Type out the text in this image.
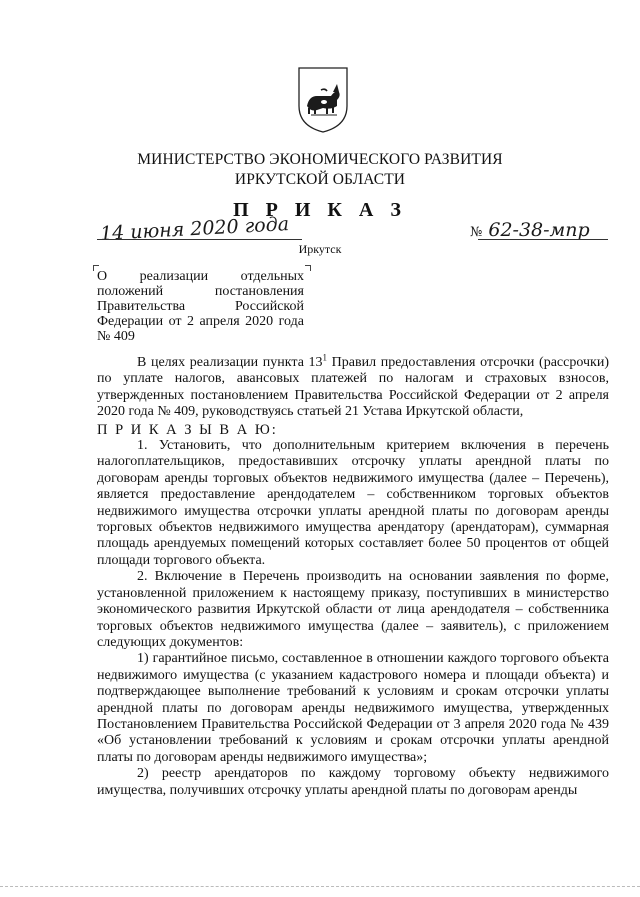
МИНИСТЕРСТВО ЭКОНОМИЧЕСКОГО РАЗВИТИЯ
ИРКУТСКОЙ ОБЛАСТИ
П Р И К А З
14 июня 2020 года	№ 62-38-мпр
Иркутск
О реализации отдельных положений постановления Правительства Российской Федерации от 2 апреля 2020 года № 409

В целях реализации пункта $13^1$ Правил предоставления отсрочки (рассрочки) по уплате налогов, авансовых платежей по налогам и страховых взносов, утвержденных постановлением Правительства Российской Федерации от 2 апреля 2020 года № 409, руководствуясь статьей 21 Устава Иркутской области,

П Р И К А З Ы В А Ю:

1. Установить, что дополнительным критерием включения в перечень налогоплательщиков, предоставивших отсрочку уплаты арендной платы по договорам аренды торговых объектов недвижимого имущества (далее – Перечень), является предоставление арендодателем – собственником торговых объектов недвижимого имущества отсрочки уплаты арендной платы по договорам аренды торговых объектов недвижимого имущества арендатору (арендаторам), суммарная площадь арендуемых помещений которых составляет более 50 процентов от общей площади торгового объекта.

2. Включение в Перечень производить на основании заявления по форме, установленной приложением к настоящему приказу, поступивших в министерство экономического развития Иркутской области от лица арендодателя – собственника торговых объектов недвижимого имущества (далее – заявитель), с приложением следующих документов:

1) гарантийное письмо, составленное в отношении каждого торгового объекта недвижимого имущества (с указанием кадастрового номера и площади объекта) и подтверждающее выполнение требований к условиям и срокам отсрочки уплаты арендной платы по договорам аренды недвижимого имущества, утвержденных Постановлением Правительства Российской Федерации от 3 апреля 2020 года № 439 «Об установлении требований к условиям и срокам отсрочки уплаты арендной платы по договорам аренды недвижимого имущества»;

2) реестр арендаторов по каждому торговому объекту недвижимого имущества, получивших отсрочку уплаты арендной платы по договорам аренды
